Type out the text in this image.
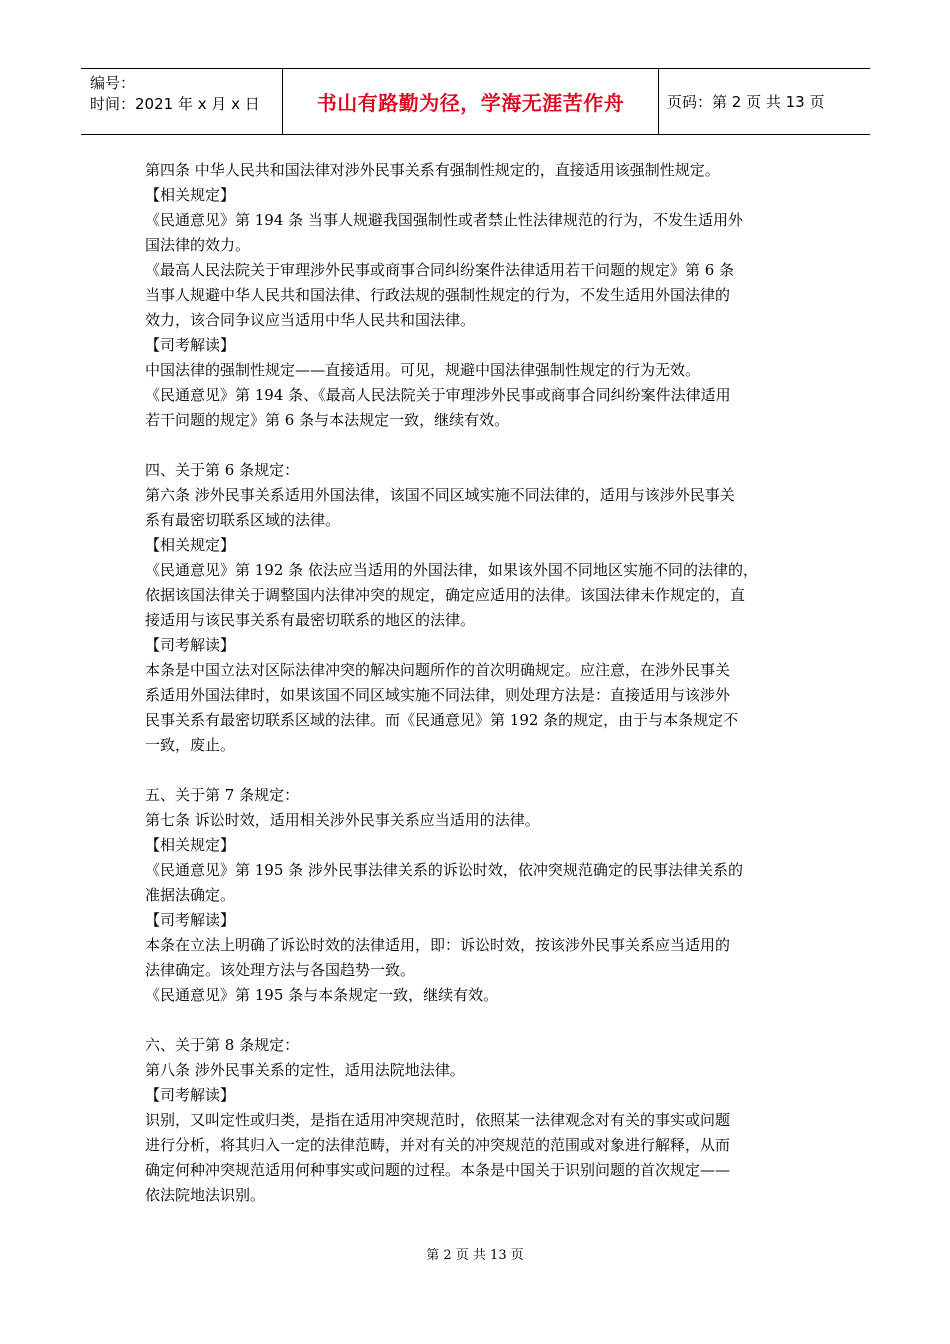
编号：
时间：2021 年 x 月 x 日	书山有路勤为径，学海无涯苦作舟	页码：第 2 页 共 13 页
第四条 中华人民共和国法律对涉外民事关系有强制性规定的，直接适用该强制性规定。
【相关规定】
《民通意见》第 194 条 当事人规避我国强制性或者禁止性法律规范的行为，不发生适用外
国法律的效力。
《最高人民法院关于审理涉外民事或商事合同纠纷案件法律适用若干问题的规定》第 6 条
当事人规避中华人民共和国法律、行政法规的强制性规定的行为，不发生适用外国法律的
效力，该合同争议应当适用中华人民共和国法律。
【司考解读】
中国法律的强制性规定——直接适用。可见，规避中国法律强制性规定的行为无效。
《民通意见》第 194 条、《最高人民法院关于审理涉外民事或商事合同纠纷案件法律适用
若干问题的规定》第 6 条与本法规定一致，继续有效。
四、关于第 6 条规定：
第六条 涉外民事关系适用外国法律，该国不同区域实施不同法律的，适用与该涉外民事关
系有最密切联系区域的法律。
【相关规定】
《民通意见》第 192 条 依法应当适用的外国法律，如果该外国不同地区实施不同的法律的，
依据该国法律关于调整国内法律冲突的规定，确定应适用的法律。该国法律未作规定的，直
接适用与该民事关系有最密切联系的地区的法律。
【司考解读】
本条是中国立法对区际法律冲突的解决问题所作的首次明确规定。应注意，在涉外民事关
系适用外国法律时，如果该国不同区域实施不同法律，则处理方法是：直接适用与该涉外
民事关系有最密切联系区域的法律。而《民通意见》第 192 条的规定，由于与本条规定不
一致，废止。
五、关于第 7 条规定：
第七条 诉讼时效，适用相关涉外民事关系应当适用的法律。
【相关规定】
《民通意见》第 195 条 涉外民事法律关系的诉讼时效，依冲突规范确定的民事法律关系的
准据法确定。
【司考解读】
本条在立法上明确了诉讼时效的法律适用，即：诉讼时效，按该涉外民事关系应当适用的
法律确定。该处理方法与各国趋势一致。
《民通意见》第 195 条与本条规定一致，继续有效。
六、关于第 8 条规定：
第八条 涉外民事关系的定性，适用法院地法律。
【司考解读】
识别，又叫定性或归类，是指在适用冲突规范时，依照某一法律观念对有关的事实或问题
进行分析，将其归入一定的法律范畴，并对有关的冲突规范的范围或对象进行解释，从而
确定何种冲突规范适用何种事实或问题的过程。本条是中国关于识别问题的首次规定——
依法院地法识别。
第 2 页 共 13 页
